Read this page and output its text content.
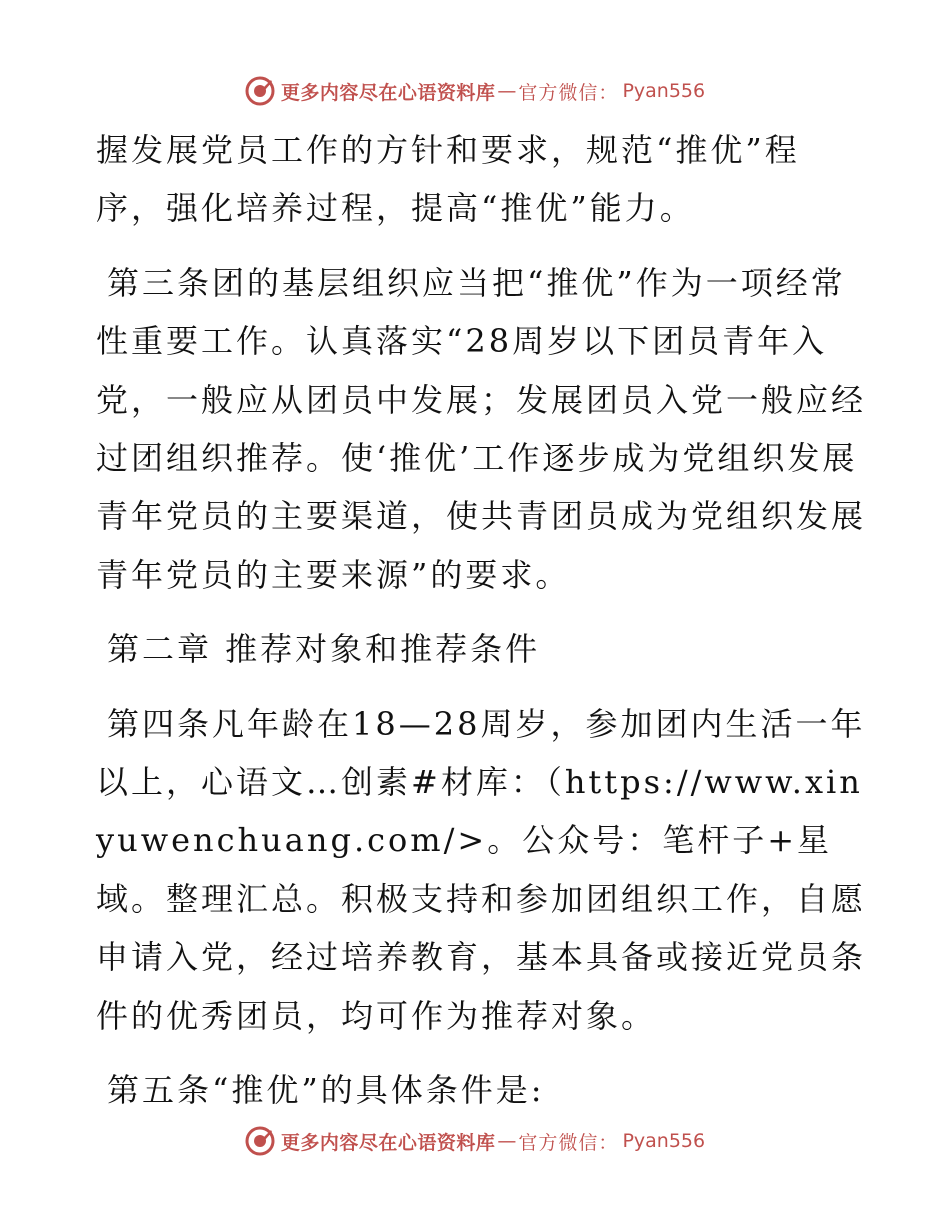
更多内容尽在心语资料库 — 官方微信： Pyan556

握发展党员工作的方针和要求，规范“推优”程序，强化培养过程，提高“推优”能力。

第三条团的基层组织应当把“推优”作为一项经常性重要工作。认真落实“28周岁以下团员青年入党，一般应从团员中发展；发展团员入党一般应经过团组织推荐。使‘推优’工作逐步成为党组织发展青年党员的主要渠道，使共青团员成为党组织发展青年党员的主要来源”的要求。

第二章 推荐对象和推荐条件

第四条凡年龄在18—28周岁，参加团内生活一年以上，心语文…创素#材库：（https://www.xinyuwenchuang.com/>。公众号：笔杆子+星域。整理汇总。积极支持和参加团组织工作，自愿申请入党，经过培养教育，基本具备或接近党员条件的优秀团员，均可作为推荐对象。

第五条“推优”的具体条件是:

更多内容尽在心语资料库 — 官方微信： Pyan556
